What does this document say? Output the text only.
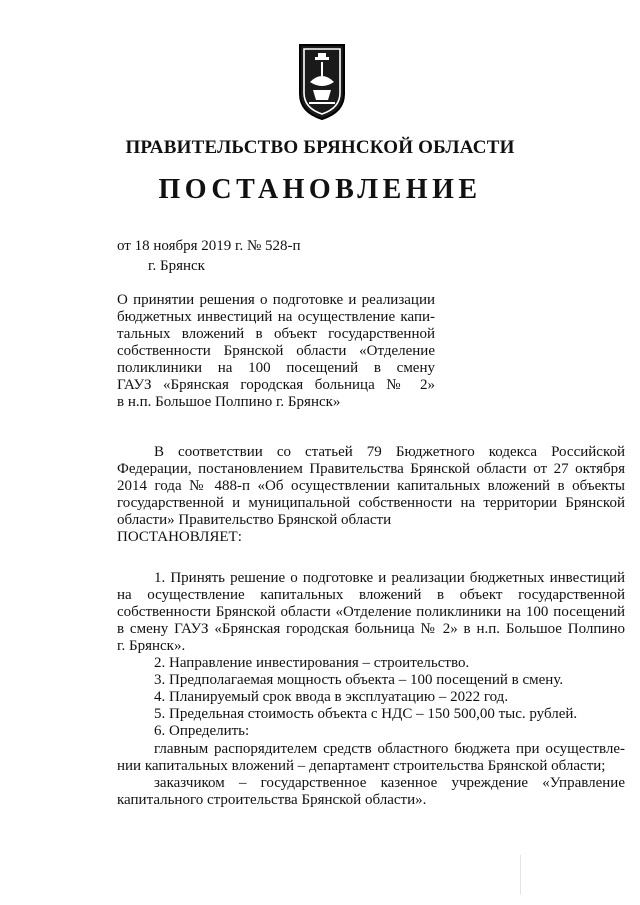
ПРАВИТЕЛЬСТВО БРЯНСКОЙ ОБЛАСТИ
ПОСТАНОВЛЕНИЕ
от 18 ноября 2019 г. № 528-п
г. Брянск
О принятии решения о подготовке и реализации
бюджетных инвестиций на осуществление капи-
тальных вложений в объект государственной
собственности Брянской области «Отделение
поликлиники на 100 посещений в смену
ГАУЗ «Брянская городская больница № 2»
в н.п. Большое Полпино г. Брянск»
В соответствии со статьей 79 Бюджетного кодекса Российской
Федерации, постановлением Правительства Брянской области от 27 октября
2014 года № 488-п «Об осуществлении капитальных вложений в объекты
государственной и муниципальной собственности на территории Брянской
области» Правительство Брянской области
ПОСТАНОВЛЯЕТ:
1. Принять решение о подготовке и реализации бюджетных инвестиций
на осуществление капитальных вложений в объект государственной
собственности Брянской области «Отделение поликлиники на 100 посещений
в смену ГАУЗ «Брянская городская больница № 2» в н.п. Большое Полпино
г. Брянск».
2. Направление инвестирования – строительство.
3. Предполагаемая мощность объекта – 100 посещений в смену.
4. Планируемый срок ввода в эксплуатацию – 2022 год.
5. Предельная стоимость объекта с НДС – 150 500,00 тыс. рублей.
6. Определить:
главным распорядителем средств областного бюджета при осуществле-
нии капитальных вложений – департамент строительства Брянской области;
заказчиком – государственное казенное учреждение «Управление
капитального строительства Брянской области».
